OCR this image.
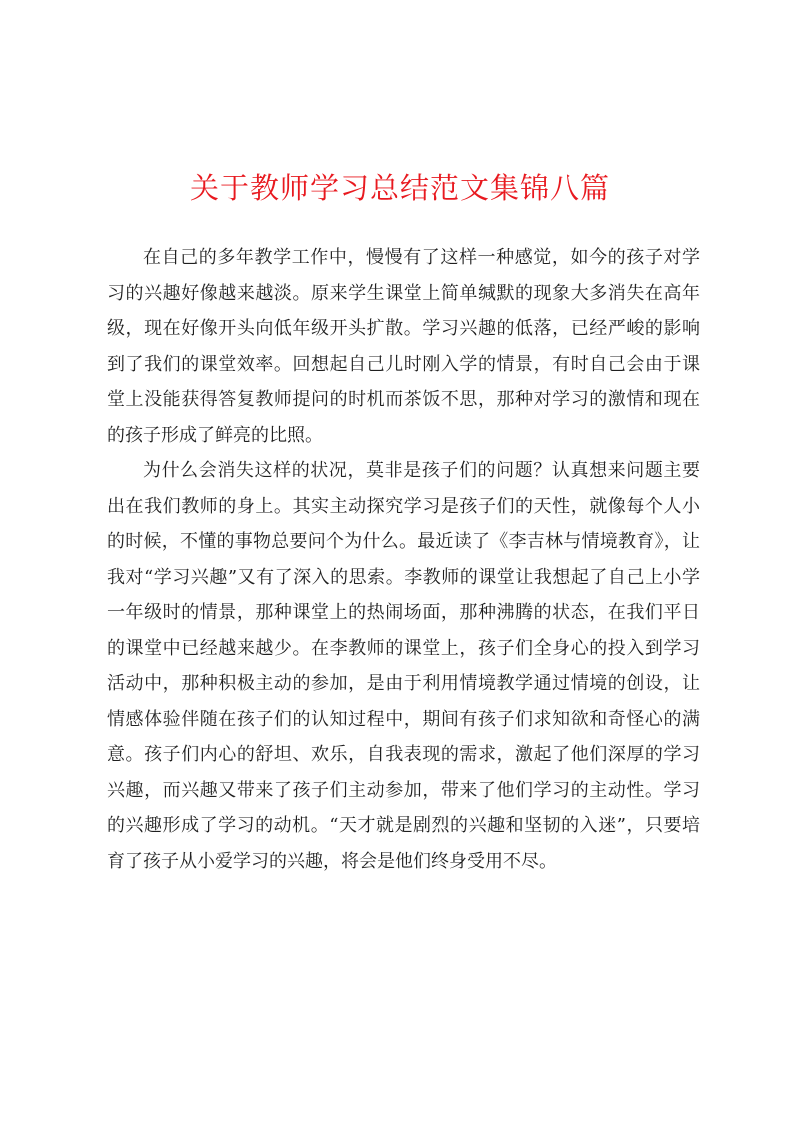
关于教师学习总结范文集锦八篇

在自己的多年教学工作中，慢慢有了这样一种感觉，如今的孩子对学习的兴趣好像越来越淡。原来学生课堂上简单缄默的现象大多消失在高年级，现在好像开头向低年级开头扩散。学习兴趣的低落，已经严峻的影响到了我们的课堂效率。回想起自己儿时刚入学的情景，有时自己会由于课堂上没能获得答复教师提问的时机而茶饭不思，那种对学习的激情和现在的孩子形成了鲜亮的比照。

为什么会消失这样的状况，莫非是孩子们的问题？认真想来问题主要出在我们教师的身上。其实主动探究学习是孩子们的天性，就像每个人小的时候，不懂的事物总要问个为什么。最近读了《李吉林与情境教育》，让我对“学习兴趣”又有了深入的思索。李教师的课堂让我想起了自己上小学一年级时的情景，那种课堂上的热闹场面，那种沸腾的状态，在我们平日的课堂中已经越来越少。在李教师的课堂上，孩子们全身心的投入到学习活动中，那种积极主动的参加，是由于利用情境教学通过情境的创设，让情感体验伴随在孩子们的认知过程中，期间有孩子们求知欲和奇怪心的满意。孩子们内心的舒坦、欢乐，自我表现的需求，激起了他们深厚的学习兴趣，而兴趣又带来了孩子们主动参加，带来了他们学习的主动性。学习的兴趣形成了学习的动机。“天才就是剧烈的兴趣和坚韧的入迷”，只要培育了孩子从小爱学习的兴趣，将会是他们终身受用不尽。
